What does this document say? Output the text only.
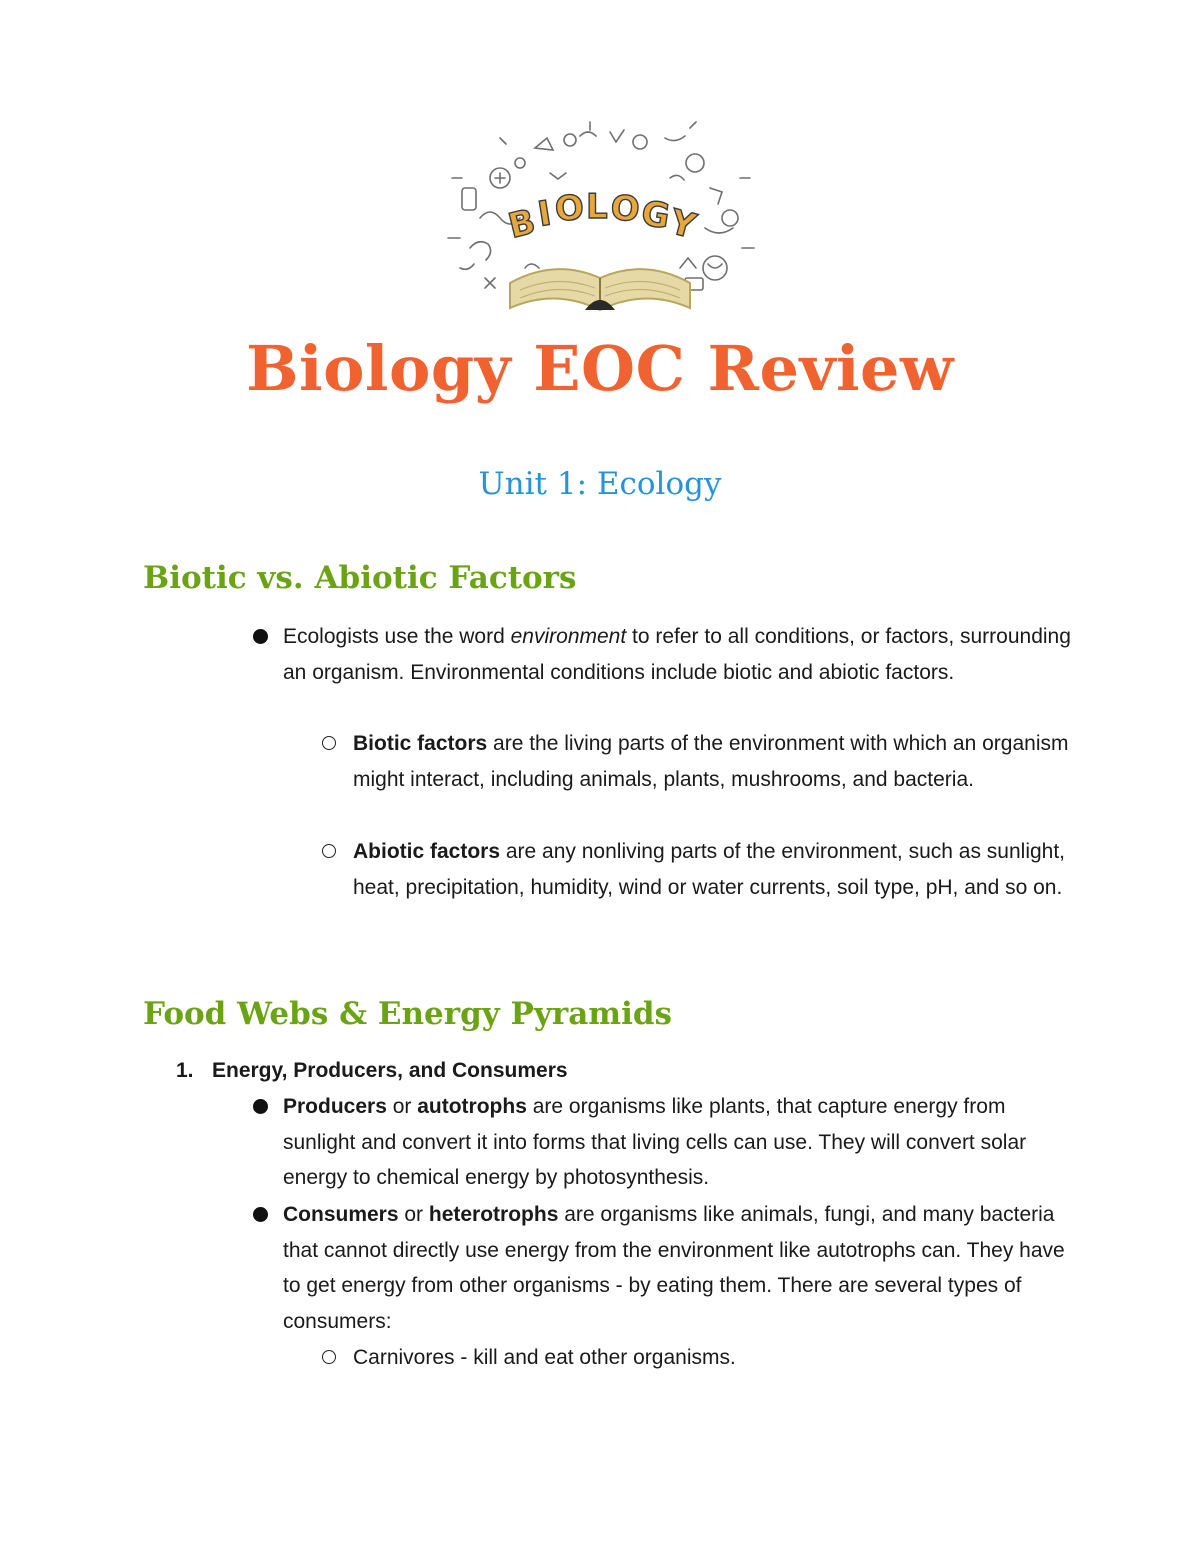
B
I O L O
G
Y
Biology EOC Review
Unit 1: Ecology
Biotic vs. Abiotic Factors
Ecologists use the word environment to refer to all conditions, or factors, surrounding an organism. Environmental conditions include biotic and abiotic factors.
Biotic factors are the living parts of the environment with which an organism might interact, including animals, plants, mushrooms, and bacteria.
Abiotic factors are any nonliving parts of the environment, such as sunlight, heat, precipitation, humidity, wind or water currents, soil type, pH, and so on.
Food Webs & Energy Pyramids
1. Energy, Producers, and Consumers
Producers or autotrophs are organisms like plants, that capture energy from sunlight and convert it into forms that living cells can use. They will convert solar energy to chemical energy by photosynthesis.
Consumers or heterotrophs are organisms like animals, fungi, and many bacteria that cannot directly use energy from the environment like autotrophs can. They have to get energy from other organisms - by eating them. There are several types of consumers:
Carnivores - kill and eat other organisms.
